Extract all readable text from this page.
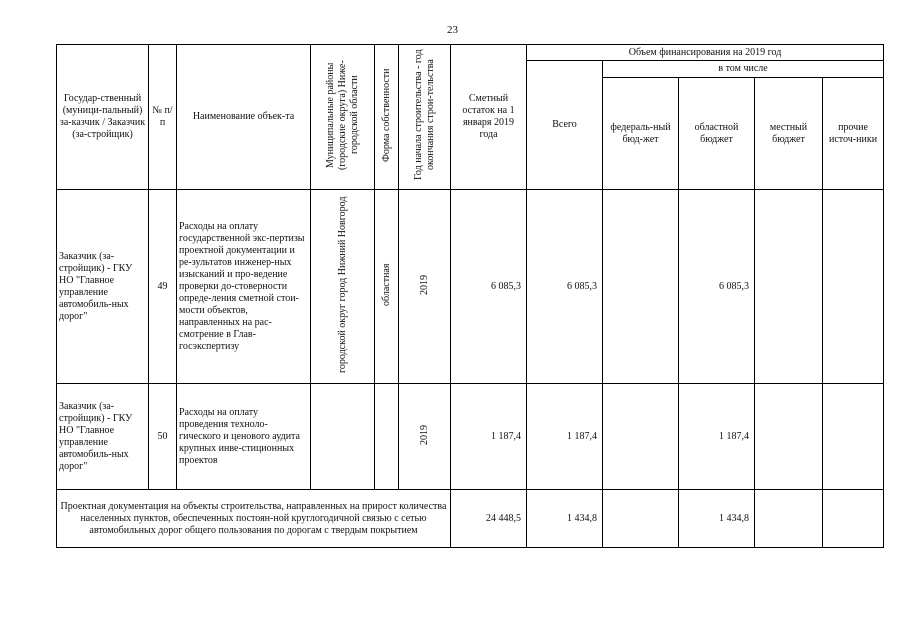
23
Государ-ственный (муници-пальный) за-казчик / Заказчик (за-стройщик)	№ п/п	Наименование объек-та	Муниципальные районы (городские округа) Ниже-городской области	Форма собственности	Год начала строительства - год окончания строи-тельства	Сметный остаток на 1 января 2019 года	Объем финансирования на 2019 год				
							Всего	в том числе			
								федераль-ный бюд-жет	областной бюджет	местный бюджет	прочие источ-ники
Заказчик (за-стройщик) - ГКУ НО "Главное управление автомобиль-ных дорог"	49	Расходы на оплату государственной экс-пертизы проектной документации и ре-зультатов инженер-ных изысканий и про-ведение проверки до-стоверности опреде-ления сметной стои-мости объектов, направленных на рас-смотрение в Глав-госэкспертизу	городской округ город Нижний Новгород	областная	2019	6 085,3	6 085,3		6 085,3		
Заказчик (за-стройщик) - ГКУ НО "Главное управление автомобиль-ных дорог"	50	Расходы на оплату проведения техноло-гического и ценового аудита крупных инве-стиционных проектов			2019	1 187,4	1 187,4		1 187,4		
Проектная документация на объекты строительства, направленных на прирост количества населенных пунктов, обеспеченных постоян-ной круглогодичной связью с сетью автомобильных дорог общего пользования по дорогам с твердым покрытием						24 448,5	1 434,8		1 434,8		
